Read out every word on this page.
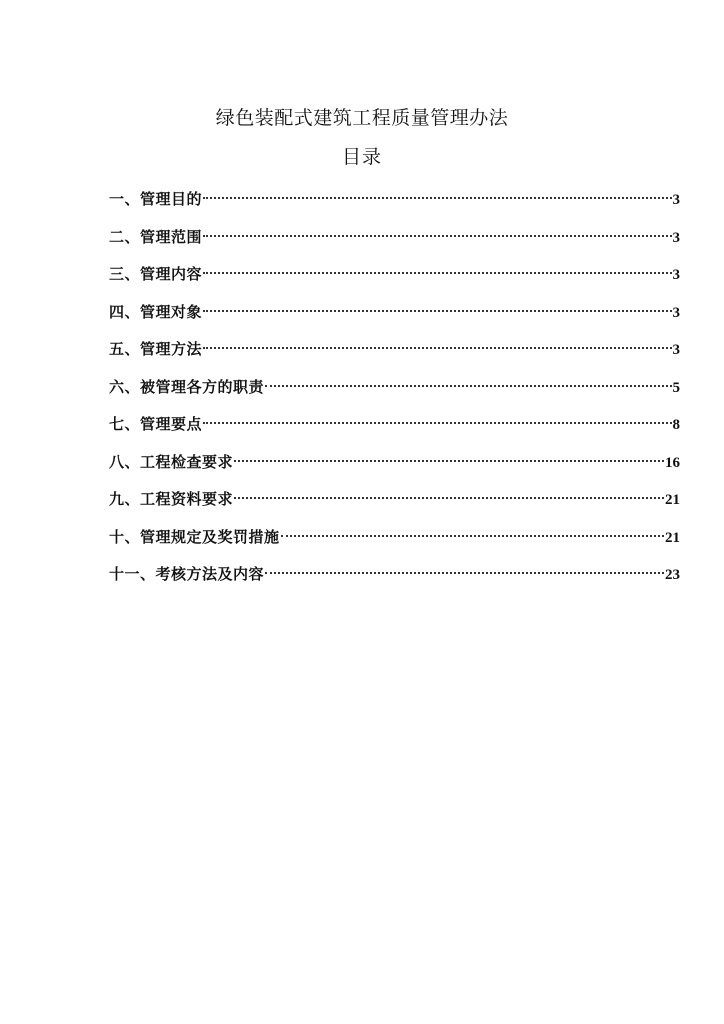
绿色装配式建筑工程质量管理办法
目录
一、管理目的	3
二、管理范围	3
三、管理内容	3
四、管理对象	3
五、管理方法	3
六、被管理各方的职责	5
七、管理要点	8
八、工程检查要求	16
九、工程资料要求	21
十、管理规定及奖罚措施	21
十一、考核方法及内容	23
